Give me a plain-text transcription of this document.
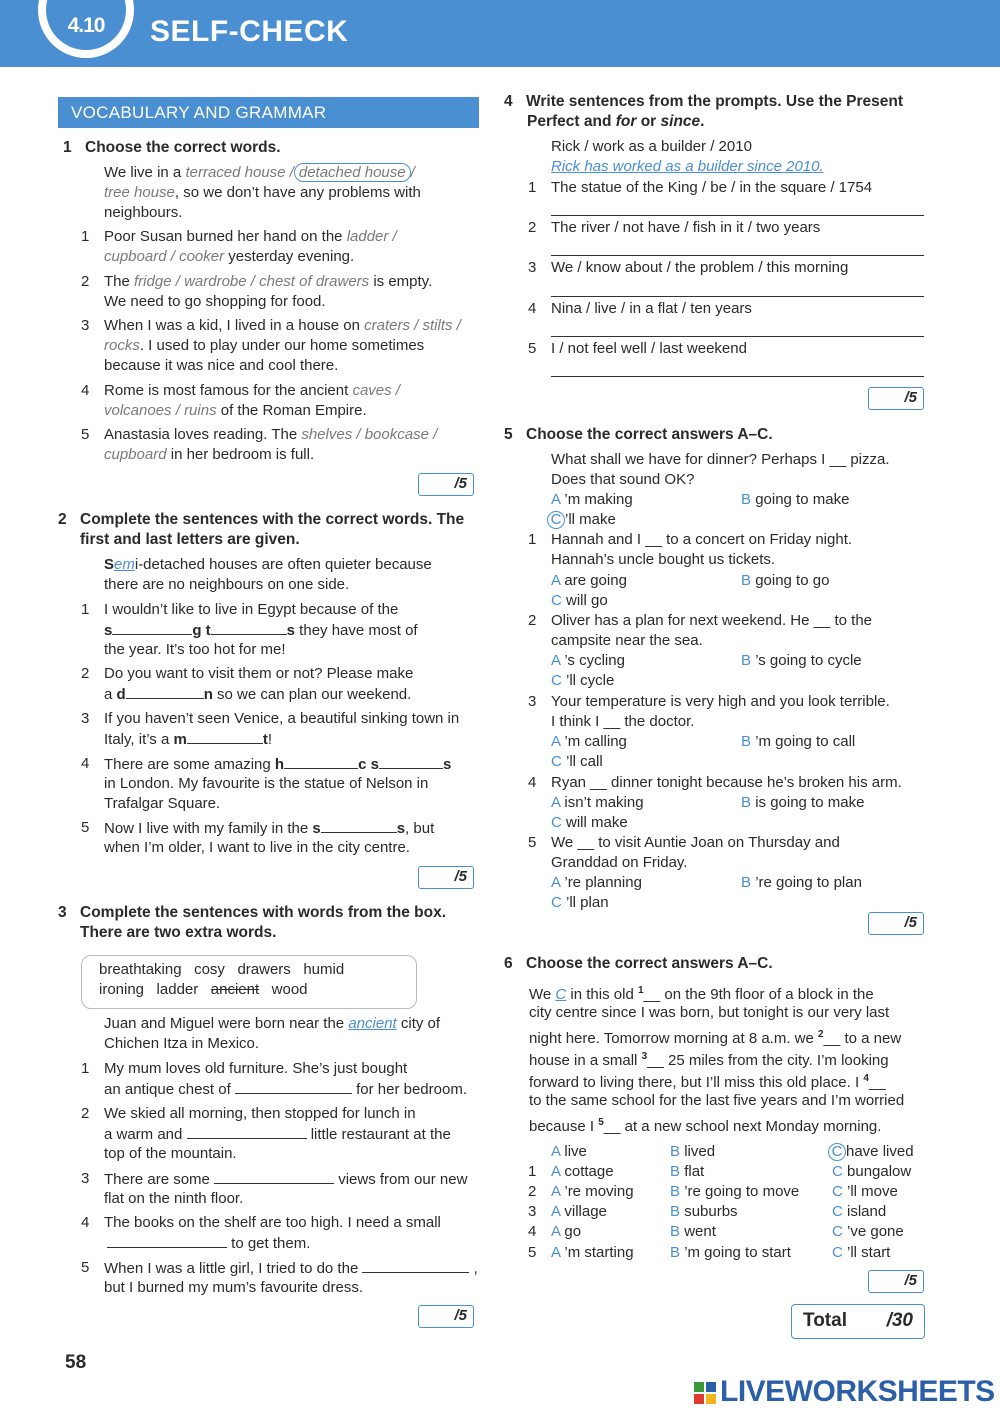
4.10	SELF-CHECK
VOCABULARY AND GRAMMAR
1 Choose the correct words.
We live in a terraced house / detached house /
tree house, so we don’t have any problems with
neighbours.
1 Poor Susan burned her hand on the ladder /
cupboard / cooker yesterday evening.
2 The fridge / wardrobe / chest of drawers is empty.
We need to go shopping for food.
3 When I was a kid, I lived in a house on craters / stilts /
rocks. I used to play under our home sometimes
because it was nice and cool there.
4 Rome is most famous for the ancient caves /
volcanoes / ruins of the Roman Empire.
5 Anastasia loves reading. The shelves / bookcase /
cupboard in her bedroom is full.
/5
2 Complete the sentences with the correct words. The
first and last letters are given.
Semi-detached houses are often quieter because
there are no neighbours on one side.
1 I wouldn’t like to live in Egypt because of the
s	g t	s they have most of
the year. It’s too hot for me!
2 Do you want to visit them or not? Please make
a d	n so we can plan our weekend.
3 If you haven’t seen Venice, a beautiful sinking town in
Italy, it’s a m	t!
4 There are some amazing h	c s	s
in London. My favourite is the statue of Nelson in
Trafalgar Square.
5 Now I live with my family in the s	s, but
when I’m older, I want to live in the city centre.
/5
3 Complete the sentences with words from the box.
There are two extra words.
breathtaking cosy drawers humid
ironing ladder ancient wood
Juan and Miguel were born near the ancient city of
Chichen Itza in Mexico.
1 My mum loves old furniture. She’s just bought
an antique chest of	for her bedroom.
2 We skied all morning, then stopped for lunch in
a warm and	little restaurant at the
top of the mountain.
3 There are some	views from our new
flat on the ninth floor.
4 The books on the shelf are too high. I need a small
to get them.
5 When I was a little girl, I tried to do the	,
but I burned my mum’s favourite dress.
/5
4 Write sentences from the prompts. Use the Present
Perfect and for or since.
Rick / work as a builder / 2010
Rick has worked as a builder since 2010.
1 The statue of the King / be / in the square / 1754
2 The river / not have / fish in it / two years
3 We / know about / the problem / this morning
4 Nina / live / in a flat / ten years
5 I / not feel well / last weekend
/5
5 Choose the correct answers A–C.
What shall we have for dinner? Perhaps I __ pizza.
Does that sound OK?
A ’m making	B going to make
C ’ll make
1 Hannah and I __ to a concert on Friday night.
Hannah’s uncle bought us tickets.
A are going	B going to go
C will go
2 Oliver has a plan for next weekend. He __ to the
campsite near the sea.
A ’s cycling	B ’s going to cycle
C ’ll cycle
3 Your temperature is very high and you look terrible.
I think I __ the doctor.
A ’m calling	B ’m going to call
C ’ll call
4 Ryan __ dinner tonight because he’s broken his arm.
A isn’t making	B is going to make
C will make
5 We __ to visit Auntie Joan on Thursday and
Granddad on Friday.
A ’re planning	B ’re going to plan
C ’ll plan
/5
6 Choose the correct answers A–C.
We C in this old $^1$__ on the 9th floor of a block in the
city centre since I was born, but tonight is our very last
night here. Tomorrow morning at 8 a.m. we $^2$__ to a new
house in a small $^3$__ 25 miles from the city. I’m looking
forward to living there, but I’ll miss this old place. I $^4$__
to the same school for the last five years and I’m worried
because I $^5$__ at a new school next Monday morning.
A live	B lived	C have lived
1 A cottage	B flat	C bungalow
2 A ’re moving B ’re going to move C ’ll move
3 A village	B suburbs	C island
4 A go	B went	C ’ve gone
5 A ’m starting B ’m going to start	C ’ll start
/5
Total /30
58
LIVEWORKSHEETS
